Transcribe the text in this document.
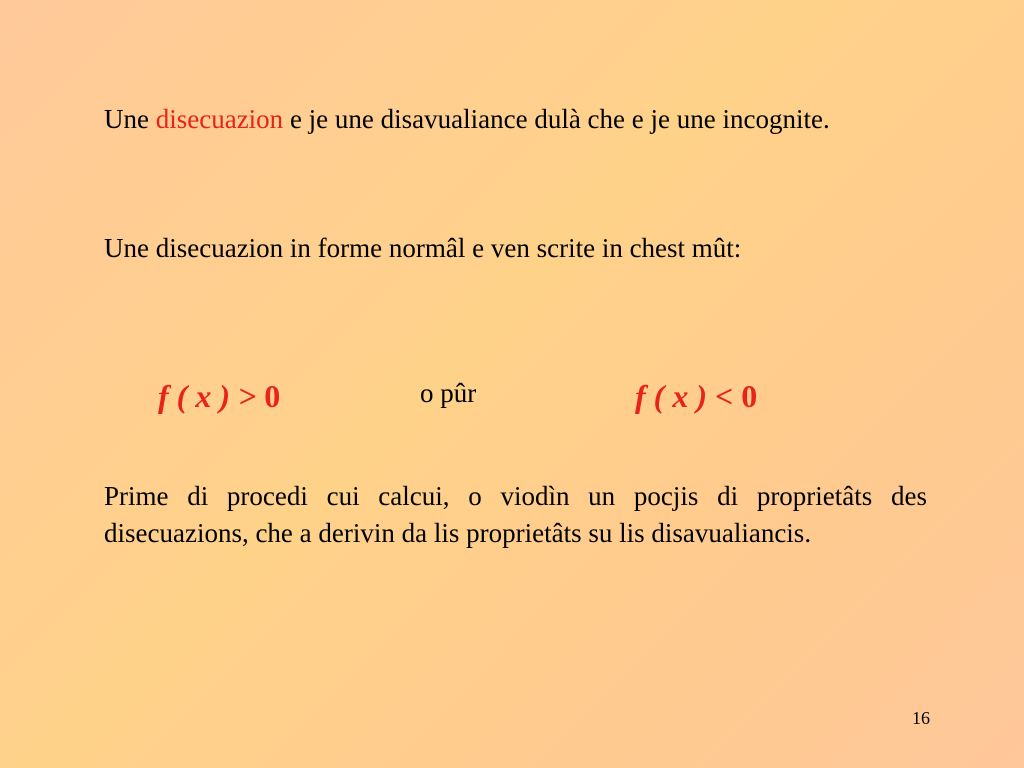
Une disecuazion e je une disavualiance dulà che e je une incognite.

Une disecuazion in forme normâl e ven scrite in chest mût:

f ( x ) > 0	o pûr	f ( x ) < 0

Prime di procedi cui calcui, o viodìn un pocjis di proprietâts des disecuazions, che a derivin da lis proprietâts su lis disavualiancis.

16
